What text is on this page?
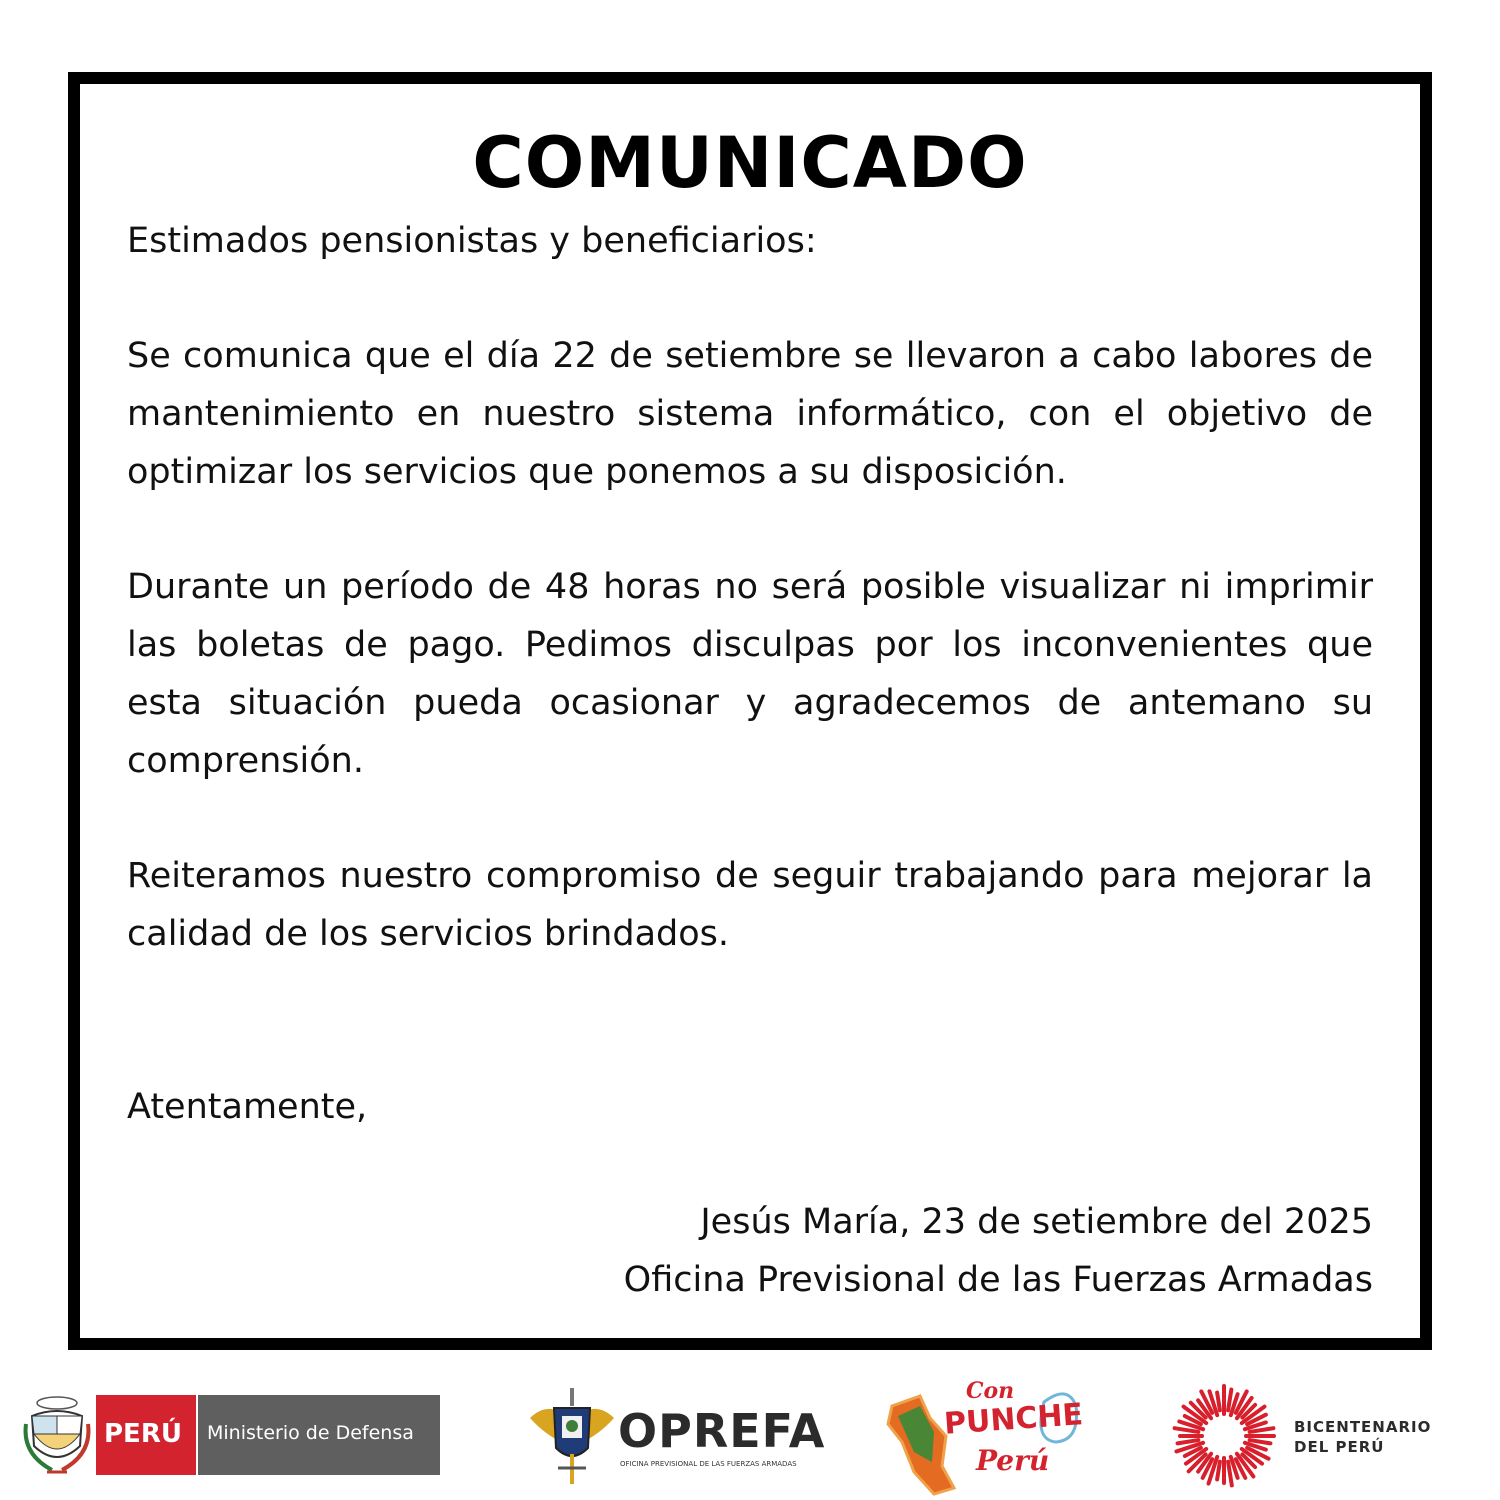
COMUNICADO

Estimados pensionistas y beneficiarios:

Se comunica que el día 22 de setiembre se llevaron a cabo labores de mantenimiento en nuestro sistema informático, con el objetivo de optimizar los servicios que ponemos a su disposición.

Durante un período de 48 horas no será posible visualizar ni imprimir las boletas de pago. Pedimos disculpas por los inconvenientes que esta situación pueda ocasionar y agradecemos de antemano su comprensión.

Reiteramos nuestro compromiso de seguir trabajando para mejorar la calidad de los servicios brindados.

Atentamente,

Jesús María, 23 de setiembre del 2025

Oficina Previsional de las Fuerzas Armadas

PERÚ Ministerio de Defensa	OPREFA
OFICINA PREVISIONAL DE LAS FUERZAS ARMADAS
Con
PUNCHE
Perú
BICENTENARIO
DEL PERÚ
